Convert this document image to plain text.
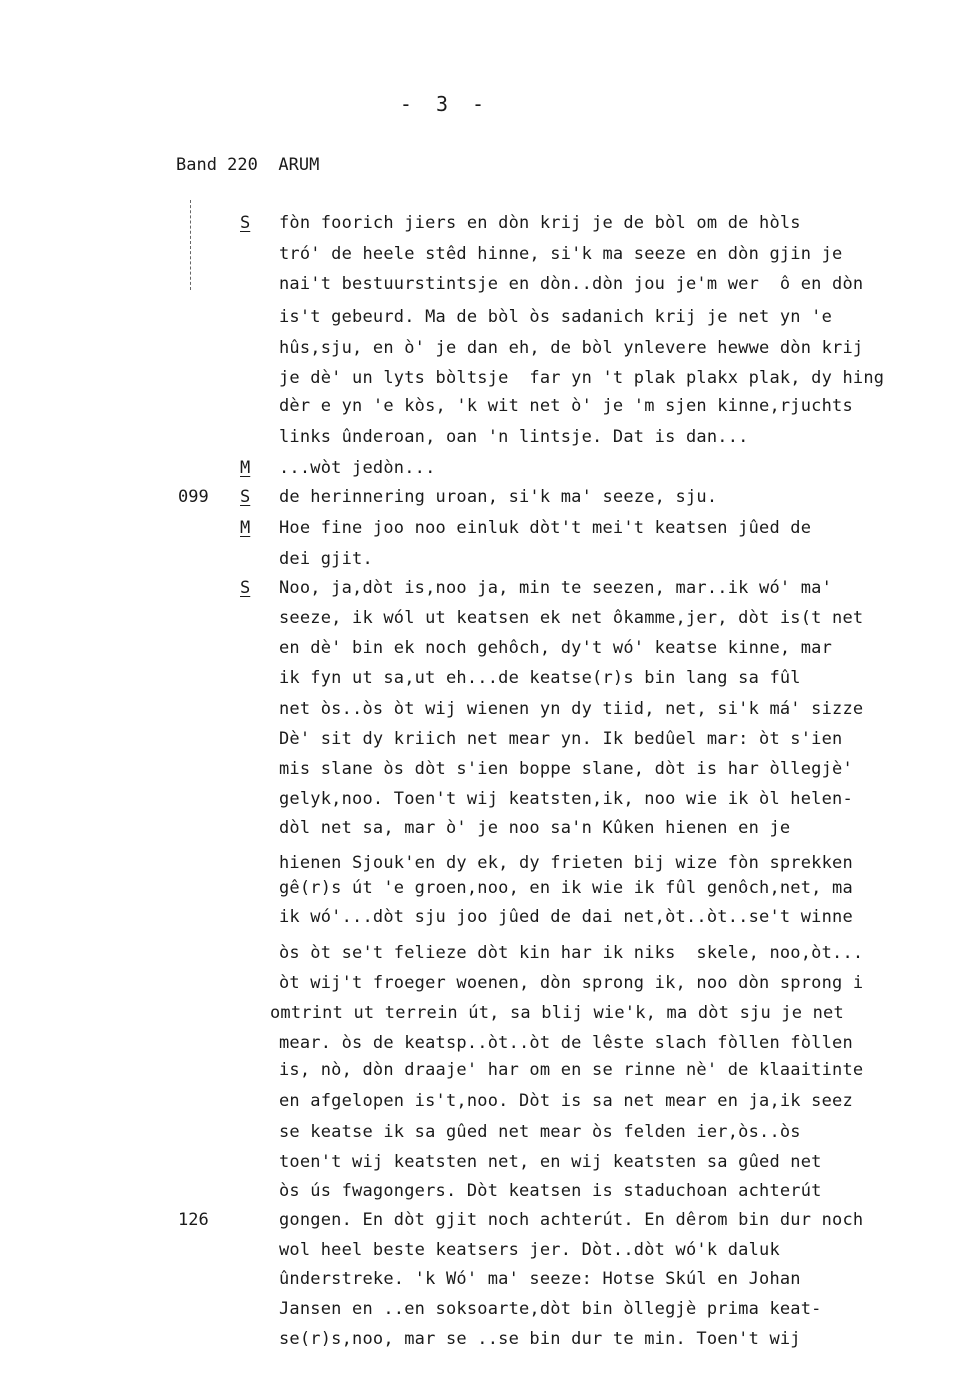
- 3 -
Band 220 ARUM
099
126
S
M
S
M
S
fòn foorich jiers en dòn krij je de bòl om de hòls
tró' de heele stêd hinne, si'k ma seeze en dòn gjin je
nai't bestuurstintsje en dòn..dòn jou je'm wer  ô en dòn
is't gebeurd. Ma de bòl òs sadanich krij je net yn 'e
hûs,sju, en ò' je dan eh, de bòl ynlevere hewwe dòn krij
je dè' un lyts bòltsje  far yn 't plak plakx plak, dy hing
dèr e yn 'e kòs, 'k wit net ò' je 'm sjen kinne,rjuchts
links ûnderoan, oan 'n lintsje. Dat is dan...
...wòt jedòn...
de herinnering uroan, si'k ma' seeze, sju.
Hoe fine joo noo einluk dòt't mei't keatsen jûed de
dei gjit.
Noo, ja,dòt is,noo ja, min te seezen, mar..ik wó' ma'
seeze, ik wól ut keatsen ek net ôkamme,jer, dòt is(t net
en dè' bin ek noch gehôch, dy't wó' keatse kinne, mar
ik fyn ut sa,ut eh...de keatse(r)s bin lang sa fûl
net òs..òs òt wij wienen yn dy tiid, net, si'k má' sizze
Dè' sit dy kriich net mear yn. Ik bedûel mar: òt s'ien
mis slane òs dòt s'ien boppe slane, dòt is har òllegjè'
gelyk,noo. Toen't wij keatsten,ik, noo wie ik òl helen-
dòl net sa, mar ò' je noo sa'n Kûken hienen en je
hienen Sjouk'en dy ek, dy frieten bij wize fòn sprekken
gê(r)s út 'e groen,noo, en ik wie ik fûl genôch,net, ma
ik wó'...dòt sju joo jûed de dai net,òt..òt..se't winne
òs òt se't felieze dòt kin har ik niks  skele, noo,òt...
òt wij't froeger woenen, dòn sprong ik, noo dòn sprong i
omtrint ut terrein út, sa blij wie'k, ma dòt sju je net
mear. òs de keatsp..òt..òt de lêste slach fòllen fòllen
is, nò, dòn draaje' har om en se rinne nè' de klaaitinte
en afgelopen is't,noo. Dòt is sa net mear en ja,ik seez
se keatse ik sa gûed net mear òs felden ier,òs..òs
toen't wij keatsten net, en wij keatsten sa gûed net
òs ús fwagongers. Dòt keatsen is staduchoan achterút
gongen. En dòt gjit noch achterút. En dêrom bin dur noch
wol heel beste keatsers jer. Dòt..dòt wó'k daluk
ûnderstreke. 'k Wó' ma' seeze: Hotse Skúl en Johan
Jansen en ..en soksoarte,dòt bin òllegjè prima keat-
se(r)s,noo, mar se ..se bin dur te min. Toen't wij
